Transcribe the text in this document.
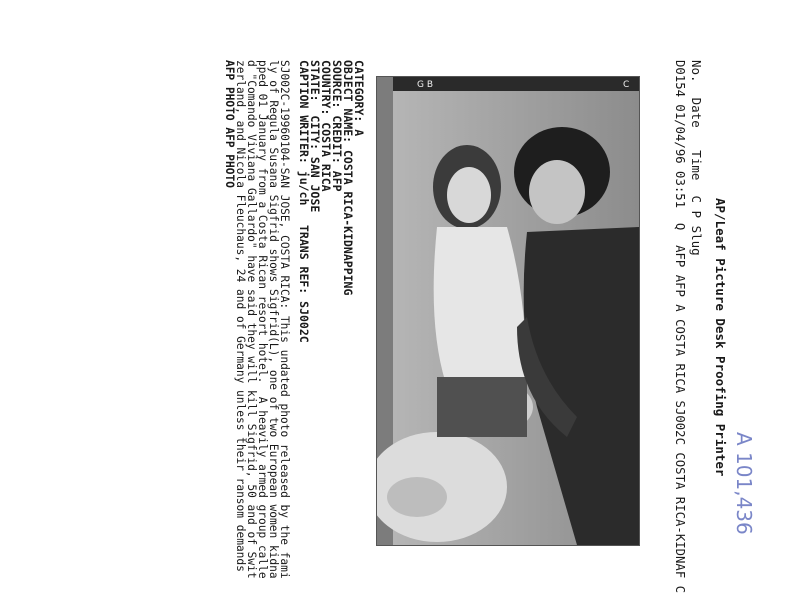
AP/Leaf Picture Desk Proofing Printer
No.  Date   Time  C P Slug
D0154 01/04/96 03:51  Q  AFP AFP A COSTA RICA SJ002C COSTA RICA-KIDNAF C
CATEGORY: A
OBJECT NAME: COSTA RICA-KIDNAPPING
SOURCE: CREDIT: AFP
COUNTRY: COSTA RICA
STATE:  CITY: SAN JOSE
CAPTION WRITER: ju/ch
TRANS REF: SJ002C
SJ002C-19960104-SAN JOSE, COSTA RICA: This undated photo released by the fami
ly of Regula Susana Sigfrid shows Sigfrid(L), one of two European women kidna
pped 01 January from a Costa Rican resort hotel.  A heavily armed group calle
d "Comando Viviana Gallardo" have said they will kill Sigfrid, 50 and of Swit
zerland, and Nicola Fleuchaus, 24 and of Germany unless their ransom demands
AFP PHOTO AFP PHOTO	G B	C
A 101,436
